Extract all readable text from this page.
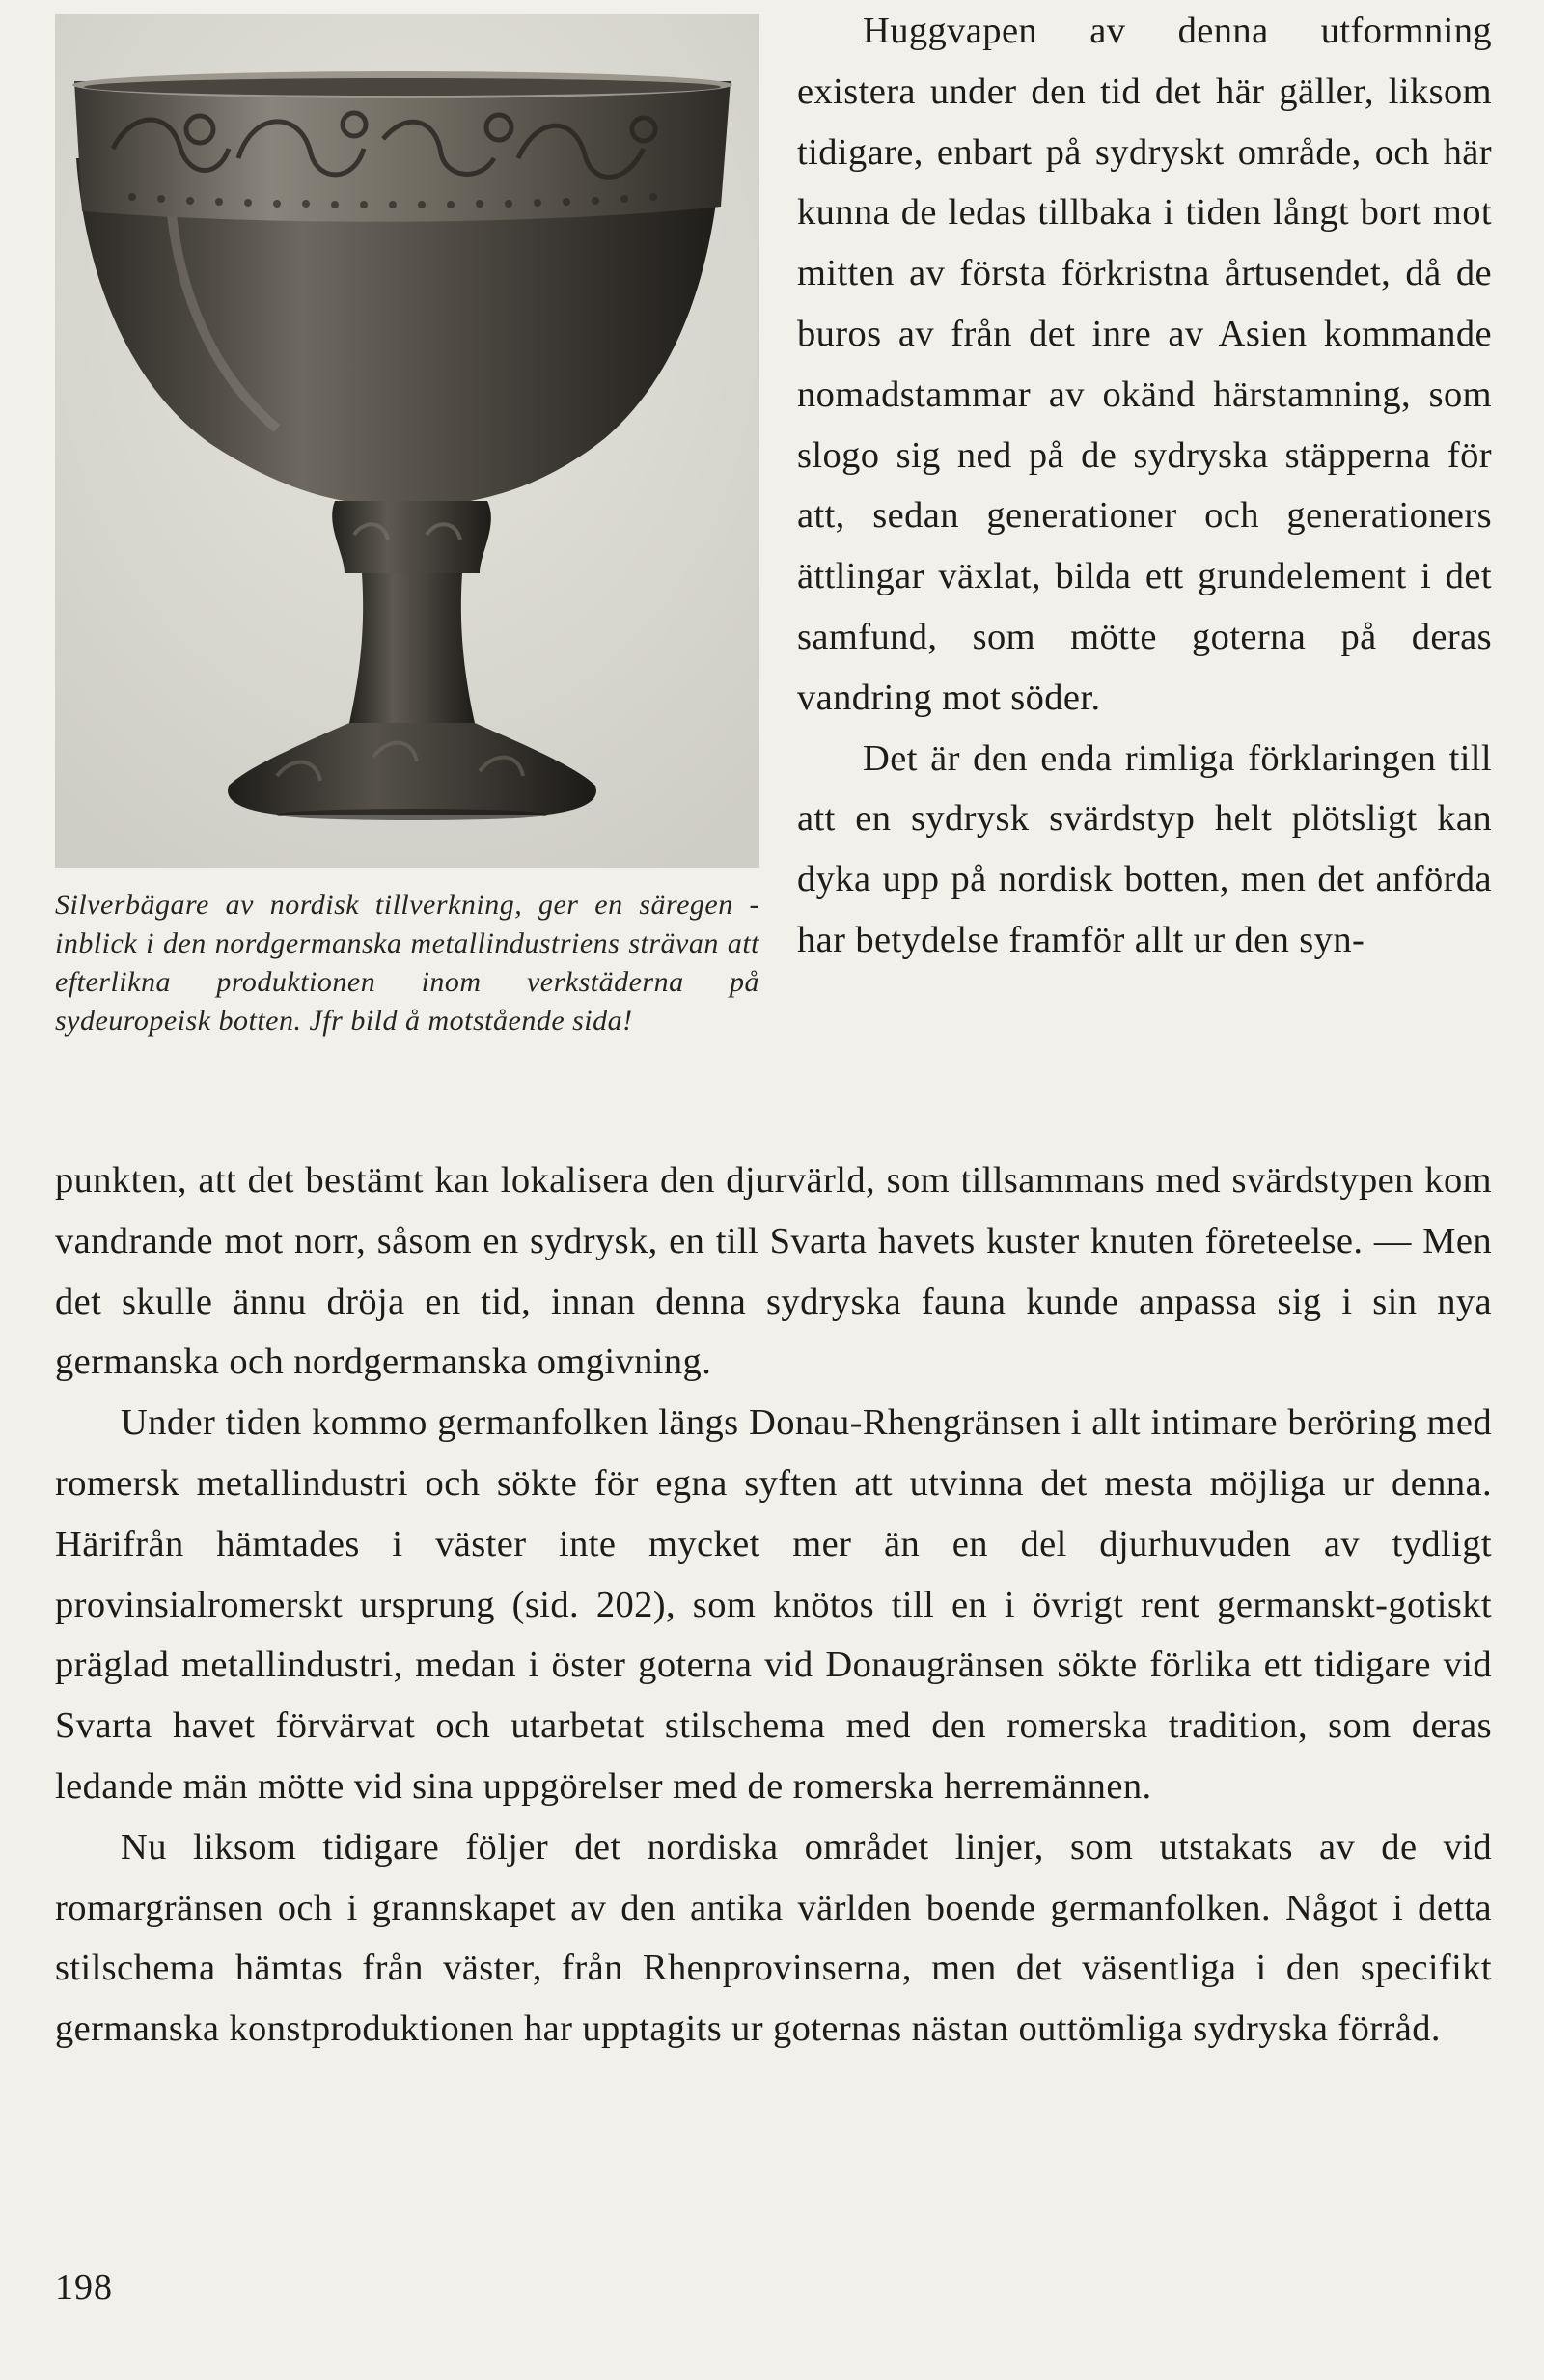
Silverbägare av nordisk tillverkning, ger en säregen - inblick i den nordgermanska metallindustriens strävan att efterlikna produktionen inom verkstäderna på sydeuropeisk botten. Jfr bild å motstående sida!

Huggvapen av denna utformning existera under den tid det här gäller, liksom tidigare, enbart på sydryskt område, och här kunna de ledas tillbaka i tiden långt bort mot mitten av första förkristna årtusendet, då de buros av från det inre av Asien kommande nomadstammar av okänd härstamning, som slogo sig ned på de sydryska stäpperna för att, sedan generationer och generationers ättlingar växlat, bilda ett grundelement i det samfund, som mötte goterna på deras vandring mot söder.

Det är den enda rimliga förklaringen till att en sydrysk svärdstyp helt plötsligt kan dyka upp på nordisk botten, men det anförda har betydelse framför allt ur den syn-

punkten, att det bestämt kan lokalisera den djurvärld, som tillsammans med svärdstypen kom vandrande mot norr, såsom en sydrysk, en till Svarta havets kuster knuten företeelse. — Men det skulle ännu dröja en tid, innan denna sydryska fauna kunde anpassa sig i sin nya germanska och nordgermanska omgivning.

Under tiden kommo germanfolken längs Donau-Rhengränsen i allt intimare beröring med romersk metallindustri och sökte för egna syften att utvinna det mesta möjliga ur denna. Härifrån hämtades i väster inte mycket mer än en del djurhuvuden av tydligt provinsialromerskt ursprung (sid. 202), som knötos till en i övrigt rent germanskt-gotiskt präglad metallindustri, medan i öster goterna vid Donaugränsen sökte förlika ett tidigare vid Svarta havet förvärvat och utarbetat stilschema med den romerska tradition, som deras ledande män mötte vid sina uppgörelser med de romerska herremännen.

Nu liksom tidigare följer det nordiska området linjer, som utstakats av de vid romargränsen och i grannskapet av den antika världen boende germanfolken. Något i detta stilschema hämtas från väster, från Rhenprovinserna, men det väsentliga i den specifikt germanska konstproduktionen har upptagits ur goternas nästan outtömliga sydryska förråd.

198
